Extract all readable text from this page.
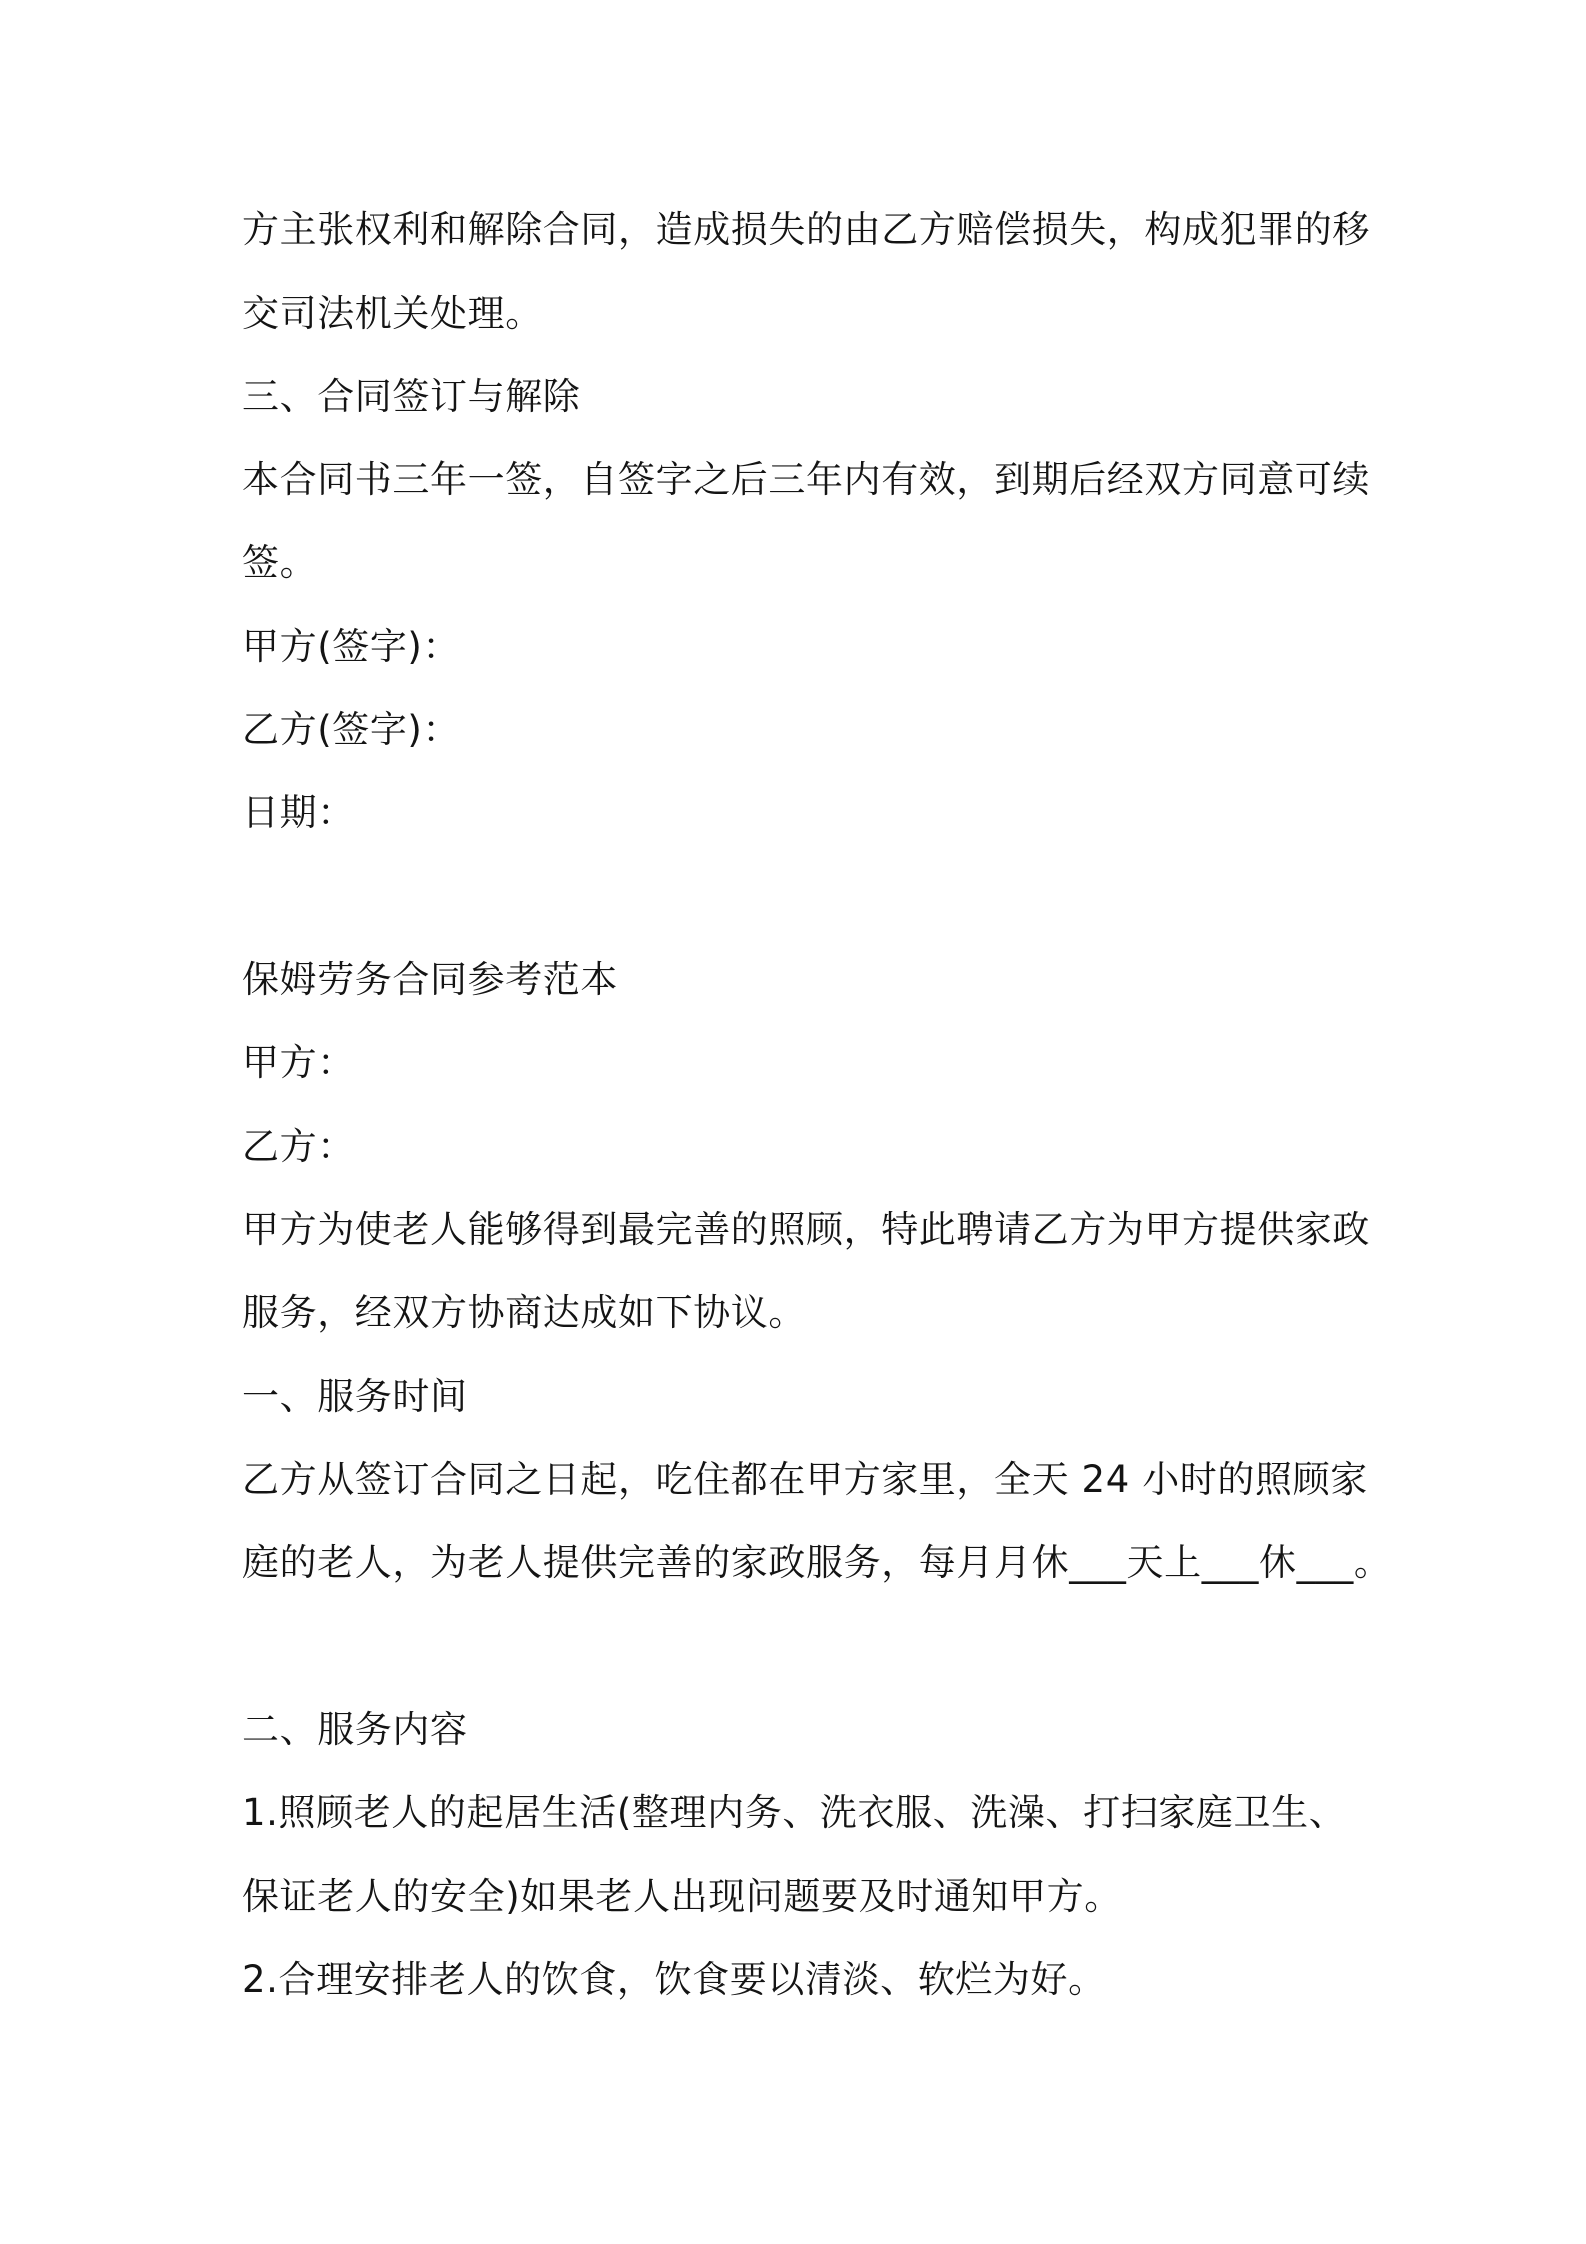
方主张权利和解除合同，造成损失的由乙方赔偿损失，构成犯罪的移
交司法机关处理。
三、合同签订与解除
本合同书三年一签，自签字之后三年内有效，到期后经双方同意可续
签。
甲方(签字)：
乙方(签字)：
日期：
保姆劳务合同参考范本
甲方：
乙方：
甲方为使老人能够得到最完善的照顾，特此聘请乙方为甲方提供家政
服务，经双方协商达成如下协议。
一、服务时间
乙方从签订合同之日起，吃住都在甲方家里，全天 24 小时的照顾家
庭的老人，为老人提供完善的家政服务，每月月休___天上___休___。
二、服务内容
1.照顾老人的起居生活(整理内务、洗衣服、洗澡、打扫家庭卫生、
保证老人的安全)如果老人出现问题要及时通知甲方。
2.合理安排老人的饮食，饮食要以清淡、软烂为好。
